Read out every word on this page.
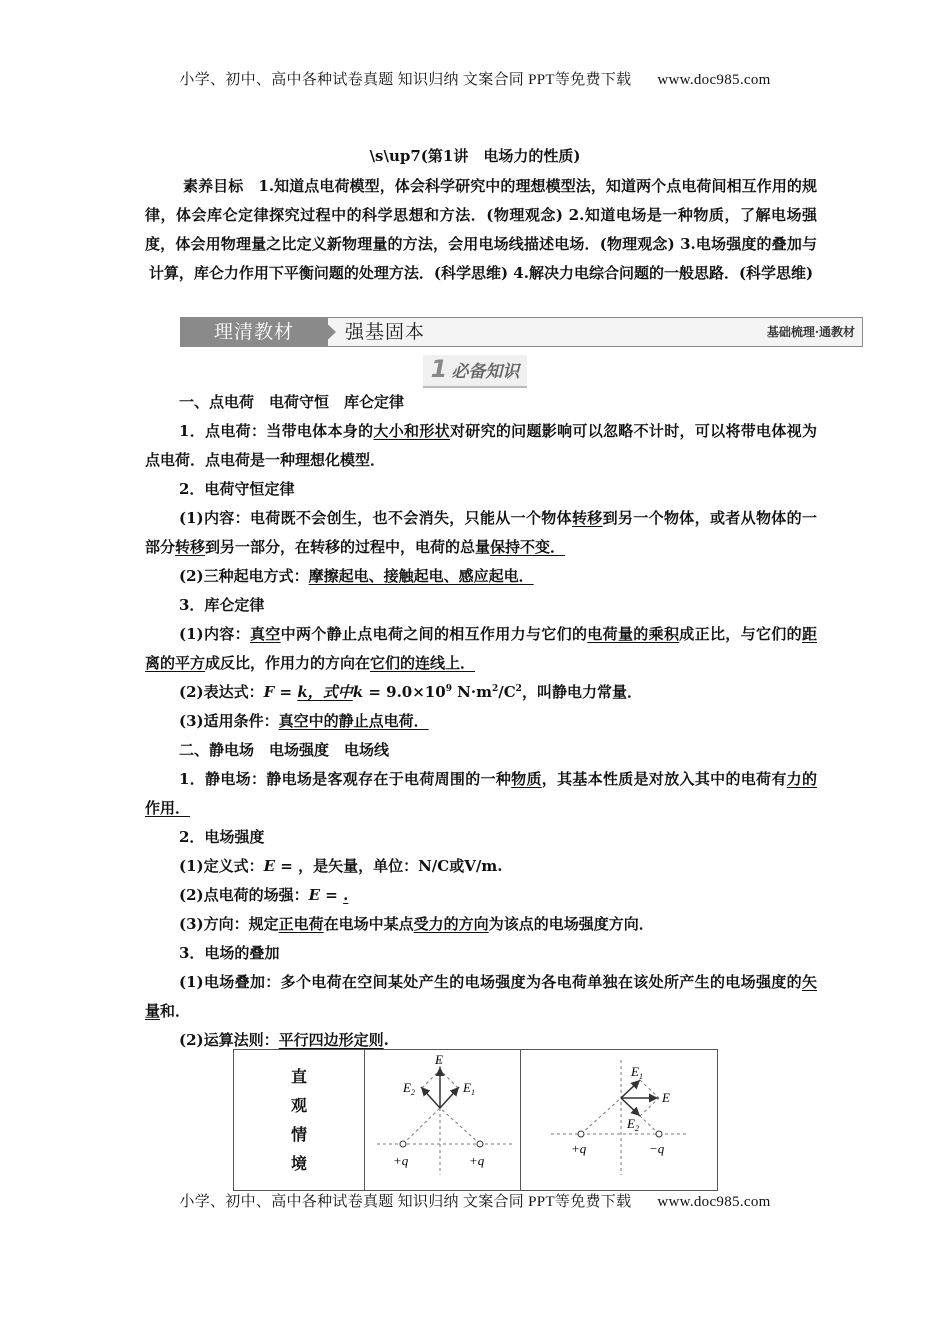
小学、初中、高中各种试卷真题 知识归纳 文案合同 PPT等免费下载 www.doc985.com
\s\up7(第1讲　电场力的性质)
素养目标　1.知道点电荷模型，体会科学研究中的理想模型法，知道两个点电荷间相互作用的规律，体会库仑定律探究过程中的科学思想和方法．(物理观念) 2.知道电场是一种物质，了解电场强度，体会用物理量之比定义新物理量的方法，会用电场线描述电场．(物理观念) 3.电场强度的叠加与计算，库仑力作用下平衡问题的处理方法．(科学思维) 4.解决力电综合问题的一般思路．(科学思维)
理清教材	强基固本	基础梳理·通教材
1 必备知识

一、点电荷　电荷守恒　库仑定律

1．点电荷：当带电体本身的大小和形状对研究的问题影响可以忽略不计时，可以将带电体视为点电荷．点电荷是一种理想化模型．

2．电荷守恒定律

(1)内容：电荷既不会创生，也不会消失，只能从一个物体转移到另一个物体，或者从物体的一部分转移到另一部分，在转移的过程中，电荷的总量保持不变．

(2)三种起电方式：摩擦起电、接触起电、感应起电．

3．库仑定律

(1)内容：真空中两个静止点电荷之间的相互作用力与它们的电荷量的乘积成正比，与它们的距离的平方成反比，作用力的方向在它们的连线上．

(2)表达式：F = k，式中$k = 9.0\times 10^9$ $N\cdot m^2/C^2$，叫静电力常量．

(3)适用条件：真空中的静止点电荷．

二、静电场　电场强度　电场线

1．静电场：静电场是客观存在于电荷周围的一种物质，其基本性质是对放入其中的电荷有力的作用．

2．电场强度

(1)定义式：E = ，是矢量，单位：N/C或V/m.

(2)点电荷的场强：E = .

(3)方向：规定正电荷在电场中某点受力的方向为该点的电场强度方向．

3．电场的叠加

(1)电场叠加：多个电荷在空间某处产生的电场强度为各电荷单独在该处所产生的电场强度的矢量和．

(2)运算法则：平行四边形定则.

直
观
情
境

E
$E_1$
$E_2$
+q	+q

$E_1$
E
$E_2$
+q	−q
小学、初中、高中各种试卷真题 知识归纳 文案合同 PPT等免费下载 www.doc985.com
